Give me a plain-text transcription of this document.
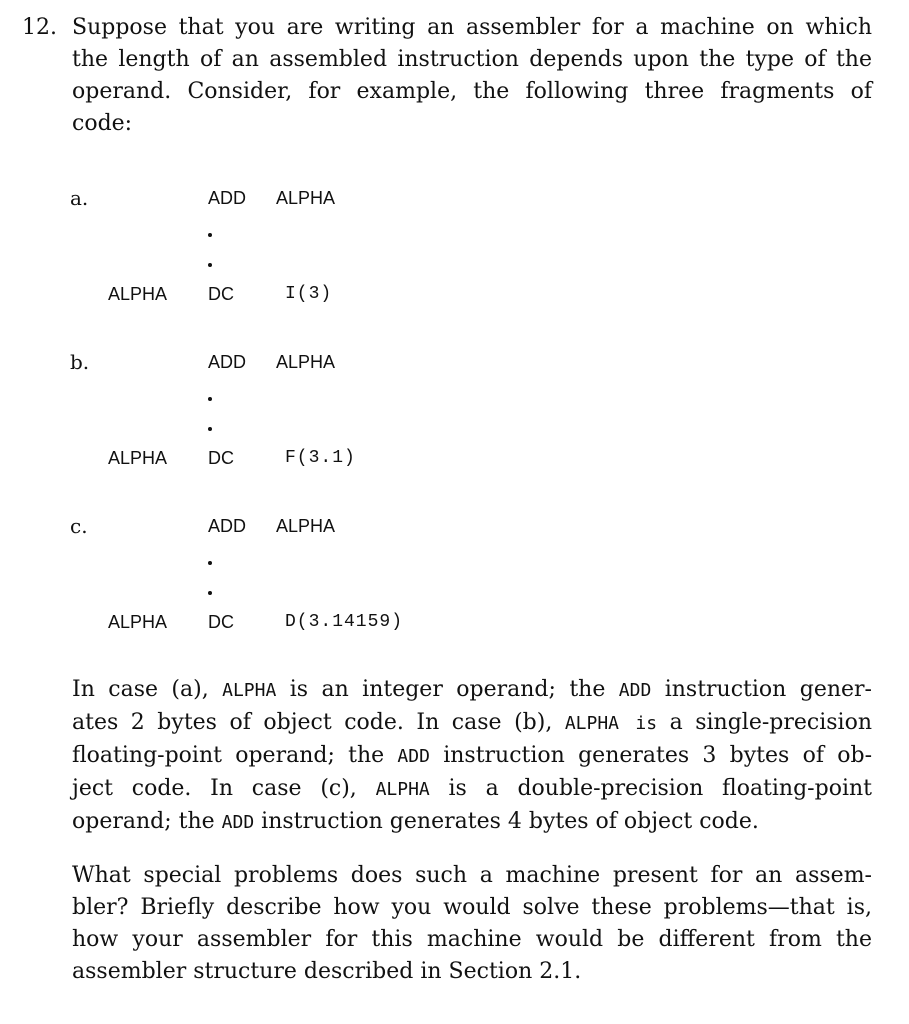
12. Suppose that you are writing an assembler for a machine on which
the length of an assembled instruction depends upon the type of the
operand. Consider, for example, the following three fragments of
code:
a.	ADD ALPHA
ALPHA DC	I(3)
b.	ADD ALPHA
ALPHA DC	F(3.1)
c.	ADD ALPHA
ALPHA DC	D(3.14159)
In case (a), ALPHA is an integer operand; the ADD instruction gener-
ates 2 bytes of object code. In case (b), ALPHA is a single-precision
floating-point operand; the ADD instruction generates 3 bytes of ob-
ject code. In case (c), ALPHA is a double-precision floating-point
operand; the ADD instruction generates 4 bytes of object code.
What special problems does such a machine present for an assem-
bler? Briefly describe how you would solve these problems—that is,
how your assembler for this machine would be different from the
assembler structure described in Section 2.1.
